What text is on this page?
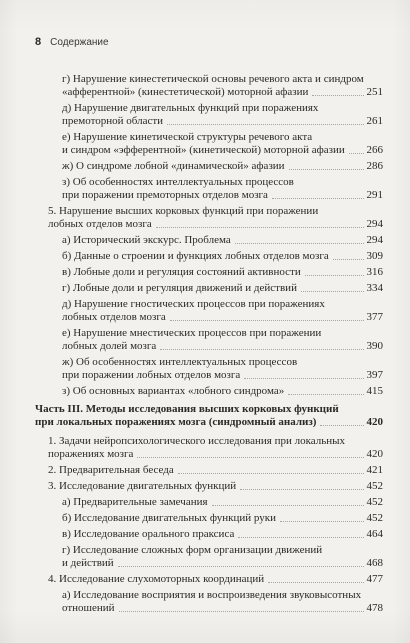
8 Содержание
г) Нарушение кинестетической основы речевого акта и синдром
«афферентной» (кинестетической) моторной афазии	251
д) Нарушение двигательных функций при поражениях
премоторной области	261
е) Нарушение кинетической структуры речевого акта
и синдром «эфферентной» (кинетической) моторной афазии 266
ж) О синдроме лобной «динамической» афазии	286
з) Об особенностях интеллектуальных процессов
при поражении премоторных отделов мозга	291
5. Нарушение высших корковых функций при поражении
лобных отделов мозга	294
а) Исторический экскурс. Проблема	294
б) Данные о строении и функциях лобных отделов мозга	309
в) Лобные доли и регуляция состояний активности	316
г) Лобные доли и регуляция движений и действий	334
д) Нарушение гностических процессов при поражениях
лобных отделов мозга	377
е) Нарушение мнестических процессов при поражении
лобных долей мозга	390
ж) Об особенностях интеллектуальных процессов
при поражении лобных отделов мозга	397
з) Об основных вариантах «лобного синдрома»	415
Часть III. Методы исследования высших корковых функций
при локальных поражениях мозга (синдромный анализ)	420
1. Задачи нейропсихологического исследования при локальных
поражениях мозга	420
2. Предварительная беседа	421
3. Исследование двигательных функций	452
а) Предварительные замечания	452
б) Исследование двигательных функций руки	452
в) Исследование орального праксиса	464
г) Исследование сложных форм организации движений
и действий	468
4. Исследование слухомоторных координаций	477
а) Исследование восприятия и воспроизведения звуковысотных
отношений	478
